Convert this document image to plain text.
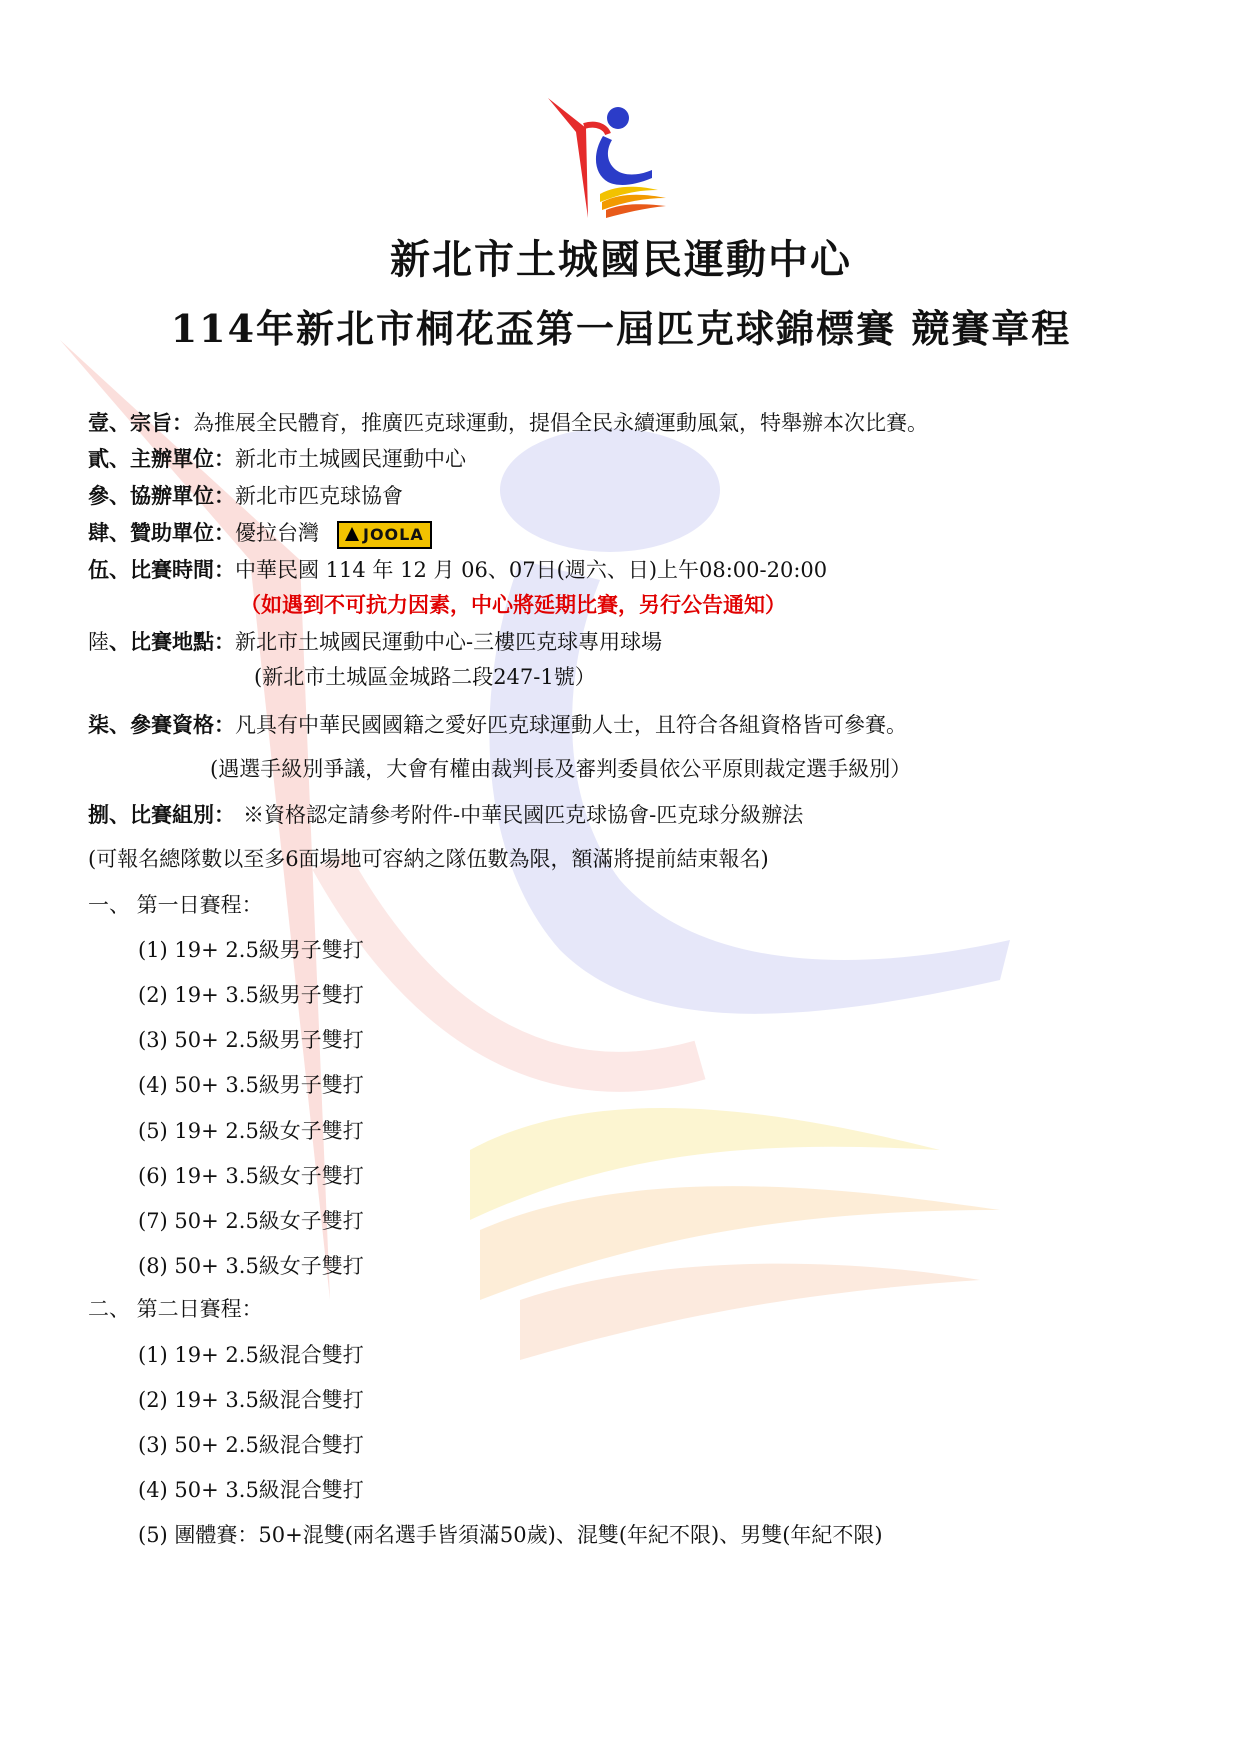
新北市土城國民運動中心
114年新北市桐花盃第一屆匹克球錦標賽 競賽章程
壹、宗旨：為推展全民體育，推廣匹克球運動，提倡全民永續運動風氣，特舉辦本次比賽。
貳、主辦單位：新北市土城國民運動中心
參、協辦單位：新北市匹克球協會
肆、贊助單位：優拉台灣	JOOLA
伍、比賽時間：中華民國 114 年 12 月 06、07日(週六、日)上午08:00-20:00
（如遇到不可抗力因素，中心將延期比賽，另行公告通知）
陸、比賽地點：新北市土城國民運動中心-三樓匹克球專用球場
(新北市土城區金城路二段247-1號）
柒、參賽資格：凡具有中華民國國籍之愛好匹克球運動人士，且符合各組資格皆可參賽。
(遇選手級別爭議，大會有權由裁判長及審判委員依公平原則裁定選手級別）
捌、比賽組別： ※資格認定請參考附件-中華民國匹克球協會-匹克球分級辦法
(可報名總隊數以至多6面場地可容納之隊伍數為限，額滿將提前結束報名)
一、 第一日賽程：
(1) 19+ 2.5級男子雙打
(2) 19+ 3.5級男子雙打
(3) 50+ 2.5級男子雙打
(4) 50+ 3.5級男子雙打
(5) 19+ 2.5級女子雙打
(6) 19+ 3.5級女子雙打
(7) 50+ 2.5級女子雙打
(8) 50+ 3.5級女子雙打
二、 第二日賽程：
(1) 19+ 2.5級混合雙打
(2) 19+ 3.5級混合雙打
(3) 50+ 2.5級混合雙打
(4) 50+ 3.5級混合雙打
(5) 團體賽：50+混雙(兩名選手皆須滿50歲)、混雙(年紀不限)、男雙(年紀不限)
